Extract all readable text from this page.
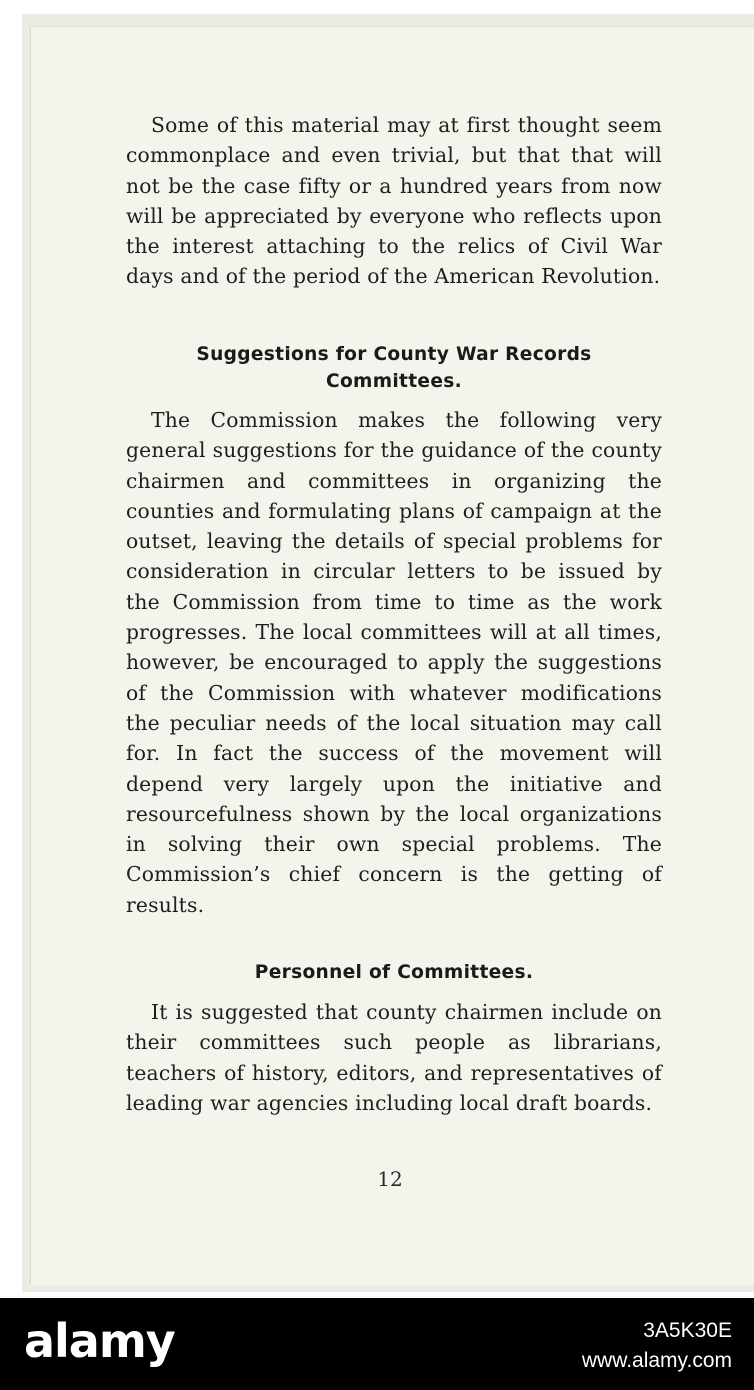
Some of this material may at first thought seem commonplace and even trivial, but that that will not be the case fifty or a hundred years from now will be appreciated by everyone who reflects upon the interest attaching to the relics of Civil War days and of the period of the American Revolution.

Suggestions for County War Records Committees.

The Commission makes the following very general suggestions for the guidance of the county chairmen and committees in organizing the counties and formulating plans of campaign at the outset, leaving the details of special problems for consideration in circular letters to be issued by the Commission from time to time as the work progresses. The local committees will at all times, however, be encouraged to apply the suggestions of the Commission with whatever modifications the peculiar needs of the local situation may call for. In fact the success of the movement will depend very largely upon the initiative and resourcefulness shown by the local organizations in solving their own special problems. The Commission’s chief concern is the getting of results.

Personnel of Committees.

It is suggested that county chairmen include on their committees such people as librarians, teachers of history, editors, and representatives of leading war agencies including local draft boards.

12
alamy	3A5K30E
www.alamy.com
